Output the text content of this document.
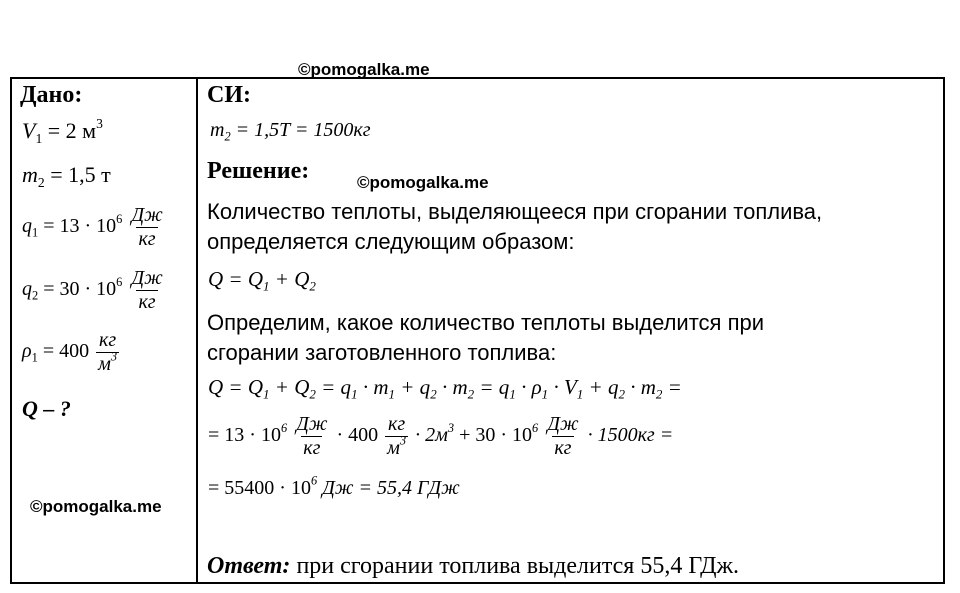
©pomogalka.me
Дано:
$V_1 = 2$ $м^3$
$m_2 = 1,5$ т
$q_1 = 13 \cdot 10^6 \frac{Дж}{кг}$
$q_2 = 30 \cdot 10^6 \frac{Дж}{кг}$
$\rho_1 = 400 \frac{кг}{м^3}$
Q – ?
©pomogalka.me
СИ:
$m_2 = 1,5T = 1500кг$
Решение:	©pomogalka.me
Количество теплоты, выделяющееся при сгорании топлива,
определяется следующим образом:
$Q = Q_1 + Q_2$
Определим, какое количество теплоты выделится при
сгорании заготовленного топлива:
$Q = Q_1 + Q_2 = q_1 \cdot m_1 + q_2 \cdot m_2 = q_1 \cdot \rho_1 \cdot V_1 + q_2 \cdot m_2$ =
= $13 \cdot 10^6 \frac{Дж}{кг} \cdot 400 \frac{кг}{м^3} \cdot 2м^3 + 30 \cdot 10^6 \frac{Дж}{кг} \cdot 1500кг$ =
= $55400 \cdot 10^6$ Дж = 55,4 ГДж
Ответ: при сгорании топлива выделится 55,4 ГДж.
